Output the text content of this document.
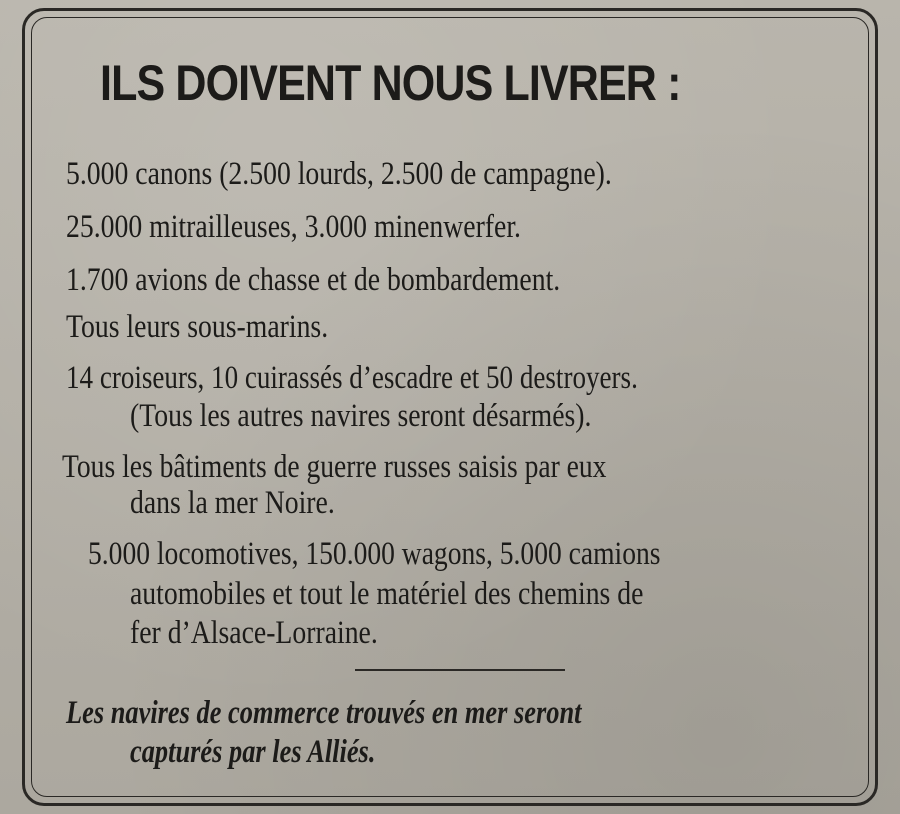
ILS DOIVENT NOUS LIVRER :
5.000 canons (2.500 lourds, 2.500 de campagne).
25.000 mitrailleuses, 3.000 minenwerfer.
1.700 avions de chasse et de bombardement.
Tous leurs sous-marins.
14 croiseurs, 10 cuirassés d’escadre et 50 destroyers.
(Tous les autres navires seront désarmés).
Tous les bâtiments de guerre russes saisis par eux
dans la mer Noire.
5.000 locomotives, 150.000 wagons, 5.000 camions
automobiles et tout le matériel des chemins de
fer d’Alsace-Lorraine.
Les navires de commerce trouvés en mer seront
capturés par les Alliés.
